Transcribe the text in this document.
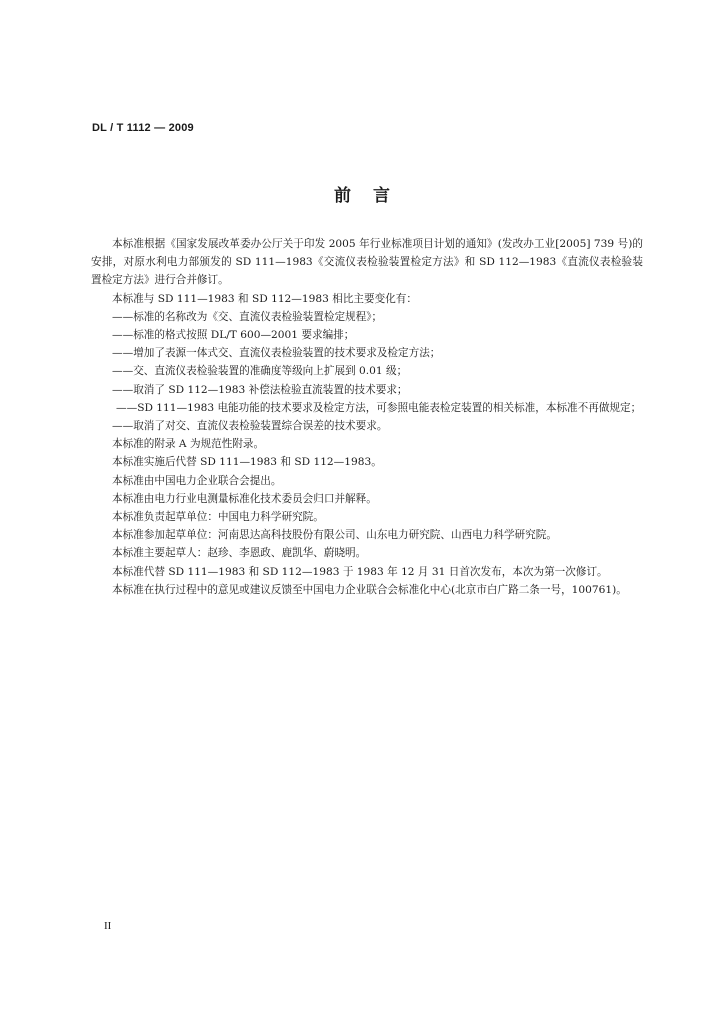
DL / T 1112 — 2009
前言

本标准根据《国家发展改革委办公厅关于印发 2005 年行业标准项目计划的通知》(发改办工业[2005] 739 号)的安排，对原水利电力部颁发的 SD 111—1983《交流仪表检验装置检定方法》和 SD 112—1983《直流仪表检验装置检定方法》进行合并修订。

本标准与 SD 111—1983 和 SD 112—1983 相比主要变化有：

——标准的名称改为《交、直流仪表检验装置检定规程》；

——标准的格式按照 DL/T 600—2001 要求编排；

——增加了表源一体式交、直流仪表检验装置的技术要求及检定方法；

——交、直流仪表检验装置的准确度等级向上扩展到 0.01 级；

——取消了 SD 112—1983 补偿法检验直流装置的技术要求；

——SD 111—1983 电能功能的技术要求及检定方法，可参照电能表检定装置的相关标准，本标准不再做规定；

——取消了对交、直流仪表检验装置综合误差的技术要求。

本标准的附录 A 为规范性附录。

本标准实施后代替 SD 111—1983 和 SD 112—1983。

本标准由中国电力企业联合会提出。

本标准由电力行业电测量标准化技术委员会归口并解释。

本标准负责起草单位：中国电力科学研究院。

本标准参加起草单位：河南思达高科技股份有限公司、山东电力研究院、山西电力科学研究院。

本标准主要起草人：赵珍、李恩政、鹿凯华、蔚晓明。

本标准代替 SD 111—1983 和 SD 112—1983 于 1983 年 12 月 31 日首次发布，本次为第一次修订。

本标准在执行过程中的意见或建议反馈至中国电力企业联合会标准化中心(北京市白广路二条一号，100761)。

II
